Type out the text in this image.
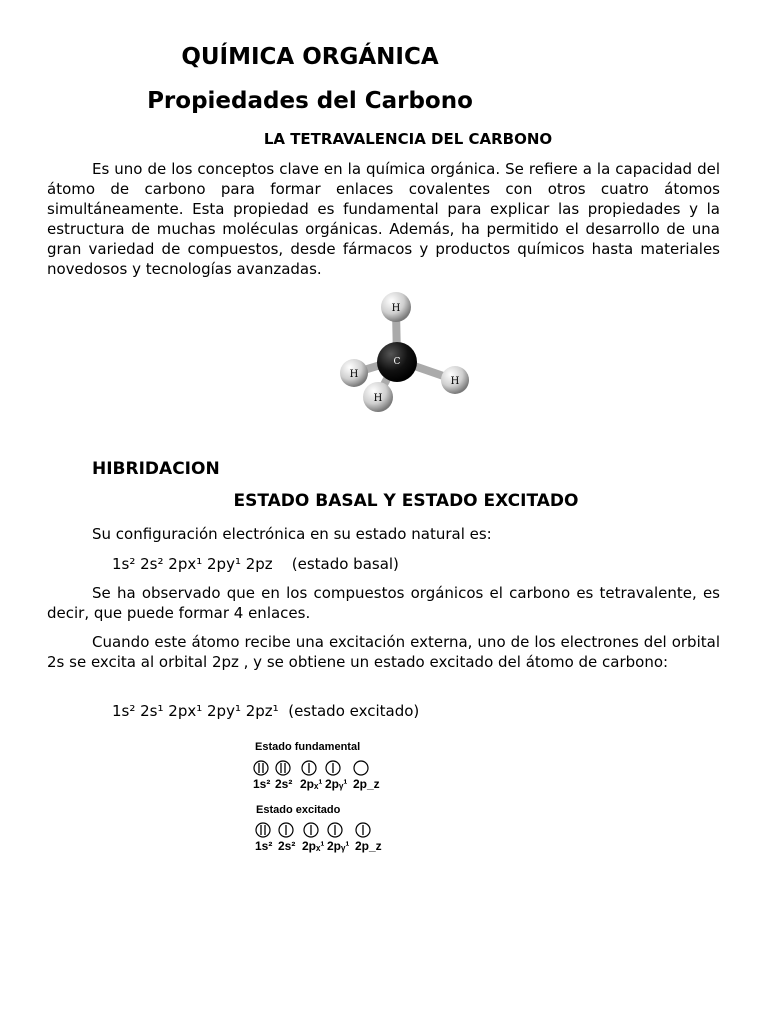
QUÍMICA ORGÁNICA
Propiedades del Carbono
LA TETRAVALENCIA DEL CARBONO
Es uno de los conceptos clave en la química orgánica. Se refiere a la capacidad del átomo de carbono para formar enlaces covalentes con otros cuatro átomos simultáneamente. Esta propiedad es fundamental para explicar las propiedades y la estructura de muchas moléculas orgánicas. Además, ha permitido el desarrollo de una gran variedad de compuestos, desde fármacos y productos químicos hasta materiales novedosos y tecnologías avanzadas.
H
H
H
H
C
HIBRIDACION
ESTADO BASAL Y ESTADO EXCITADO
Su configuración electrónica en su estado natural es:
1s² 2s² 2px¹ 2py¹ 2pz    (estado basal)
Se ha observado que en los compuestos orgánicos el carbono es tetravalente, es decir, que puede formar 4 enlaces.
Cuando este átomo recibe una excitación externa, uno de los electrones del orbital 2s se excita al orbital 2pz , y se obtiene un estado excitado del átomo de carbono:
1s² 2s¹ 2px¹ 2py¹ 2pz¹  (estado excitado)
Estado fundamental
1s² 2s² 2pₓ¹ 2pᵧ¹ 2p_z
Estado excitado
1s² 2s² 2pₓ¹ 2pᵧ¹ 2p_z
